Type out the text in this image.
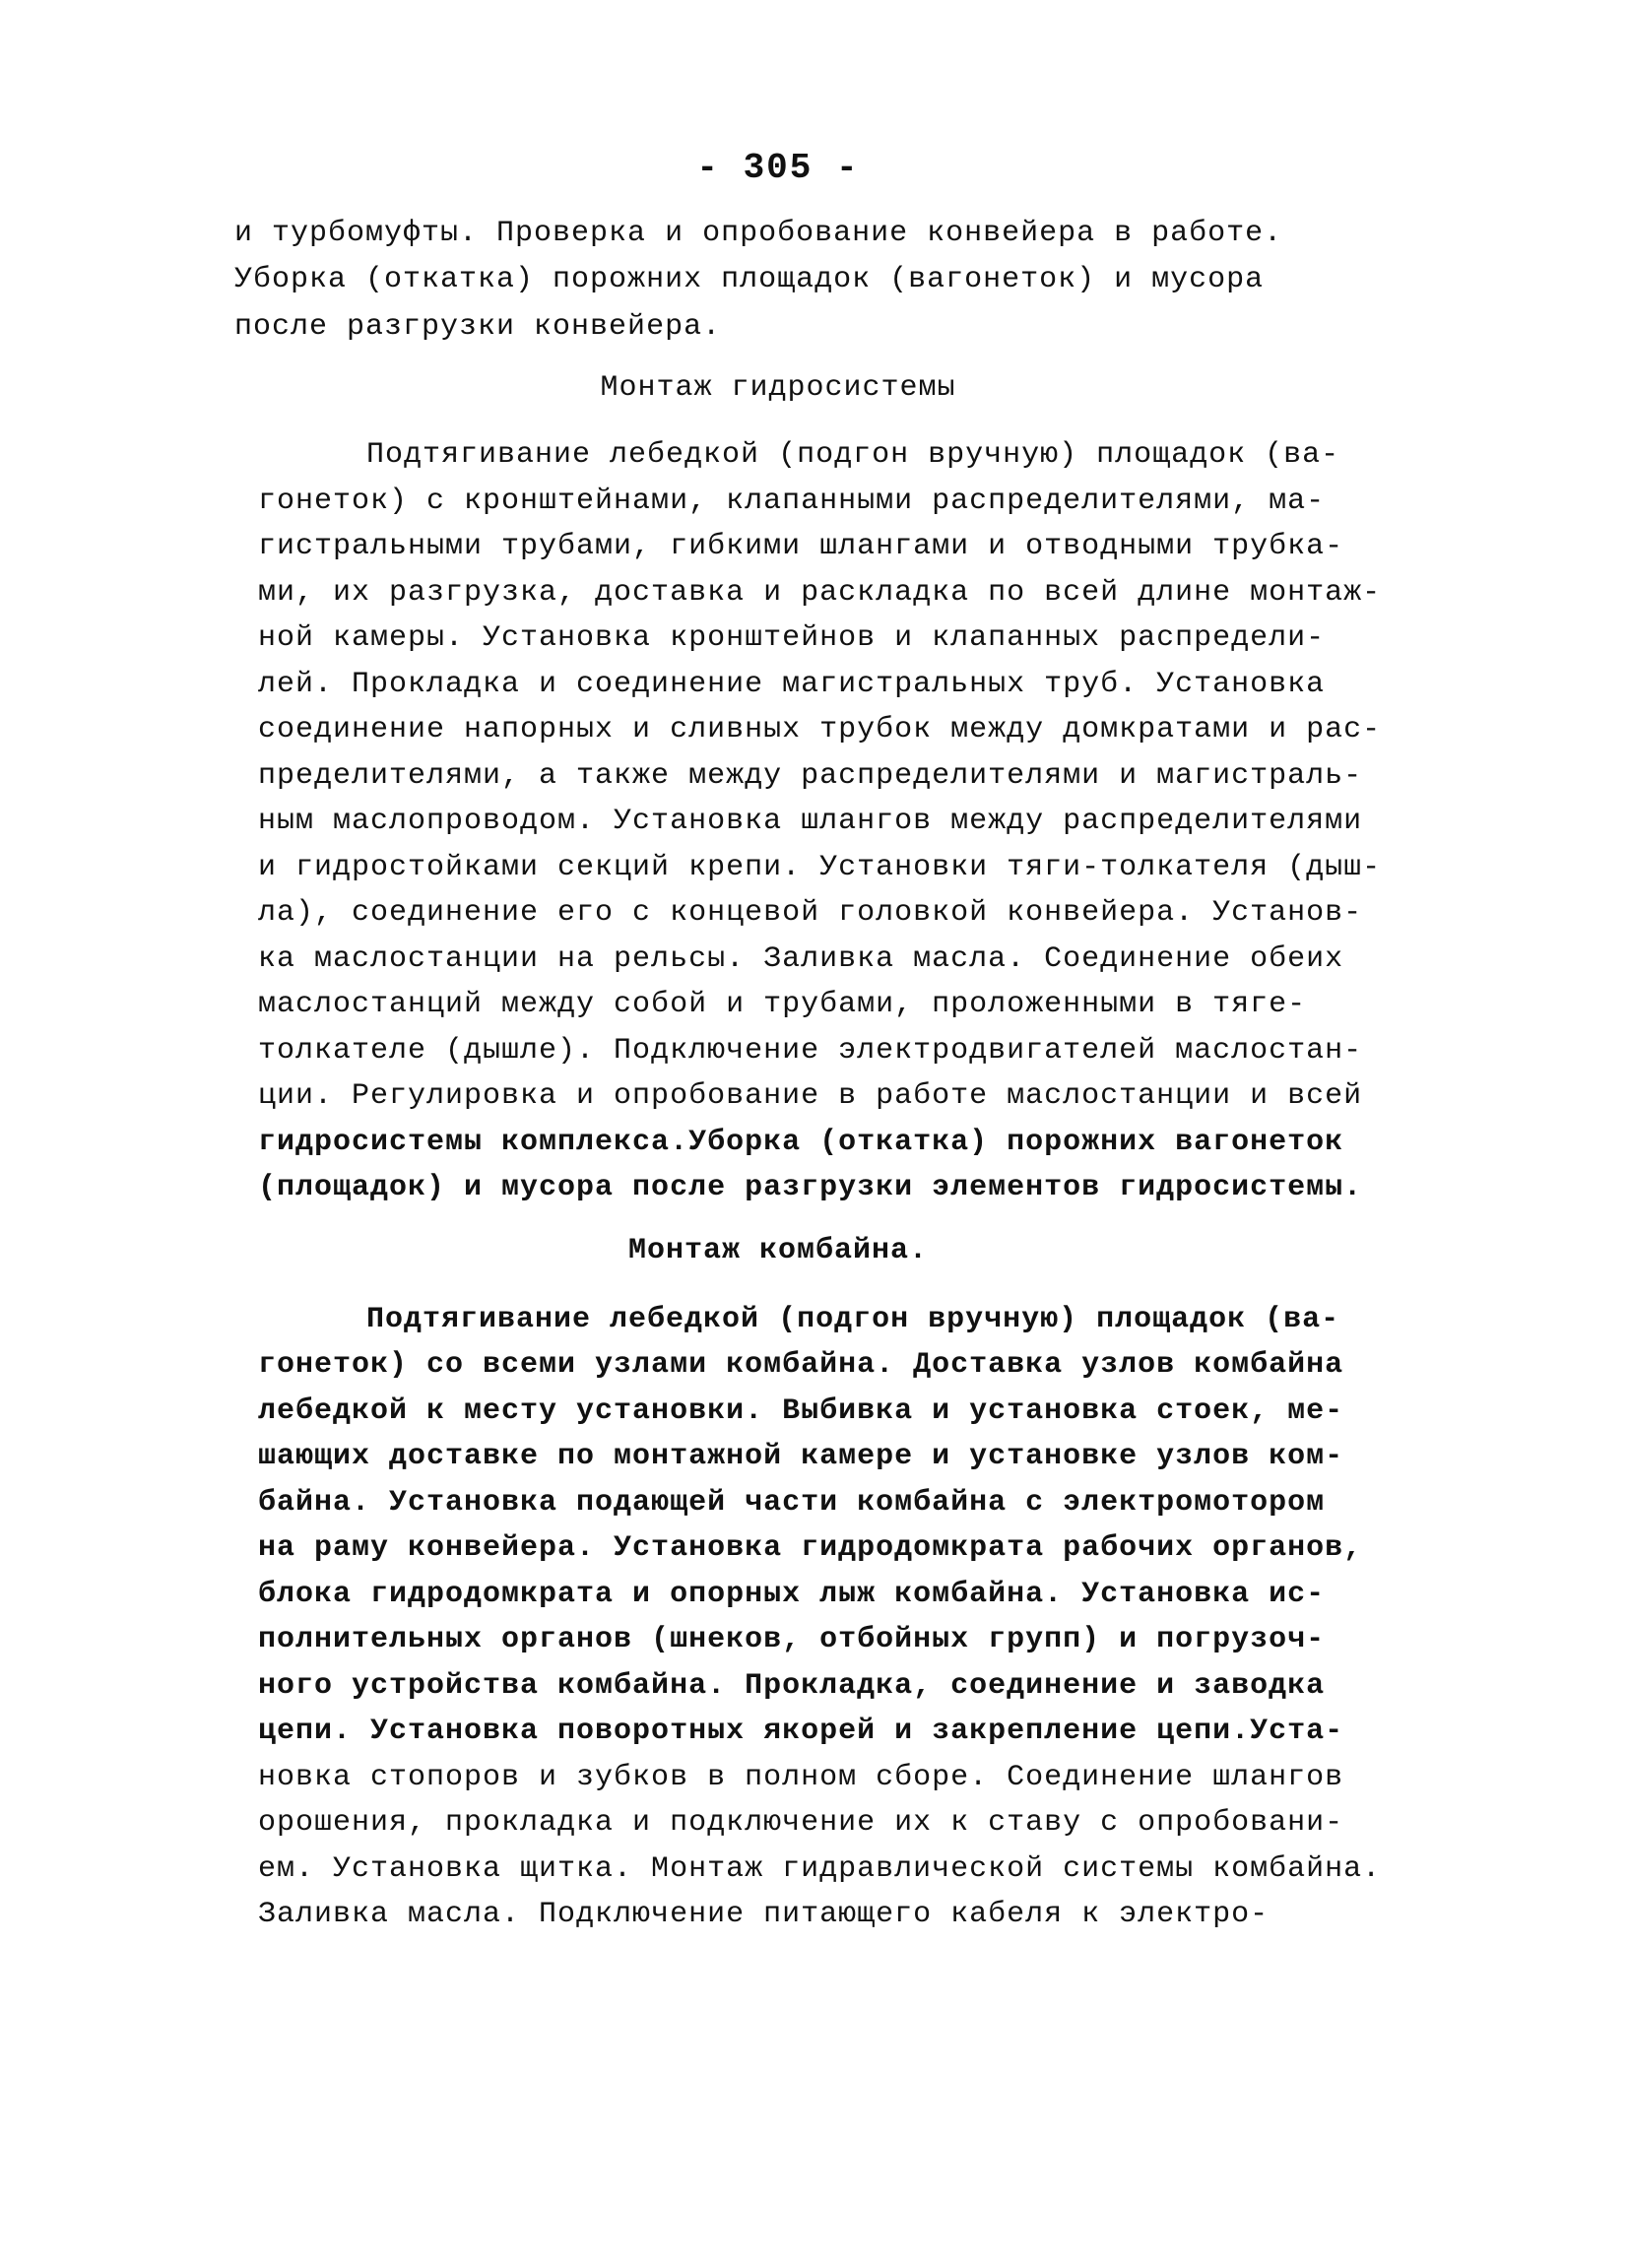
- 305 -
и турбомуфты. Проверка и опробование конвейера в работе.
Уборка (откатка) порожних площадок (вагонеток) и мусора
после разгрузки конвейера.
Монтаж гидросистемы
Подтягивание лебедкой (подгон вручную) площадок (ва-
гонеток) с кронштейнами, клапанными распределителями, ма-
гистральными трубами, гибкими шлангами и отводными трубка-
ми, их разгрузка, доставка и раскладка по всей длине монтаж-
ной камеры. Установка кронштейнов и клапанных распредели-
лей. Прокладка и соединение магистральных труб. Установка
соединение напорных и сливных трубок между домкратами и рас-
пределителями, а также между распределителями и магистраль-
ным маслопроводом. Установка шлангов между распределителями
и гидростойками секций крепи. Установки тяги-толкателя (дыш-
ла), соединение его с концевой головкой конвейера. Установ-
ка маслостанции на рельсы. Заливка масла. Соединение обеих
маслостанций между собой и трубами, проложенными в тяге-
толкателе (дышле). Подключение электродвигателей маслостан-
ции. Регулировка и опробование в работе маслостанции и всей
гидросистемы комплекса.Уборка (откатка) порожних вагонеток
(площадок) и мусора после разгрузки элементов гидросистемы.
Монтаж комбайна.
Подтягивание лебедкой (подгон вручную) площадок (ва-
гонеток) со всеми узлами комбайна. Доставка узлов комбайна
лебедкой к месту установки. Выбивка и установка стоек, ме-
шающих доставке по монтажной камере и установке узлов ком-
байна. Установка подающей части комбайна с электромотором
на раму конвейера. Установка гидродомкрата рабочих органов,
блока гидродомкрата и опорных лыж комбайна. Установка ис-
полнительных органов (шнеков, отбойных групп) и погрузоч-
ного устройства комбайна. Прокладка, соединение и заводка
цепи. Установка поворотных якорей и закрепление цепи.Уста-
новка стопоров и зубков в полном сборе. Соединение шлангов
орошения, прокладка и подключение их к ставу с опробовани-
ем. Установка щитка. Монтаж гидравлической системы комбайна.
Заливка масла. Подключение питающего кабеля к электро-
